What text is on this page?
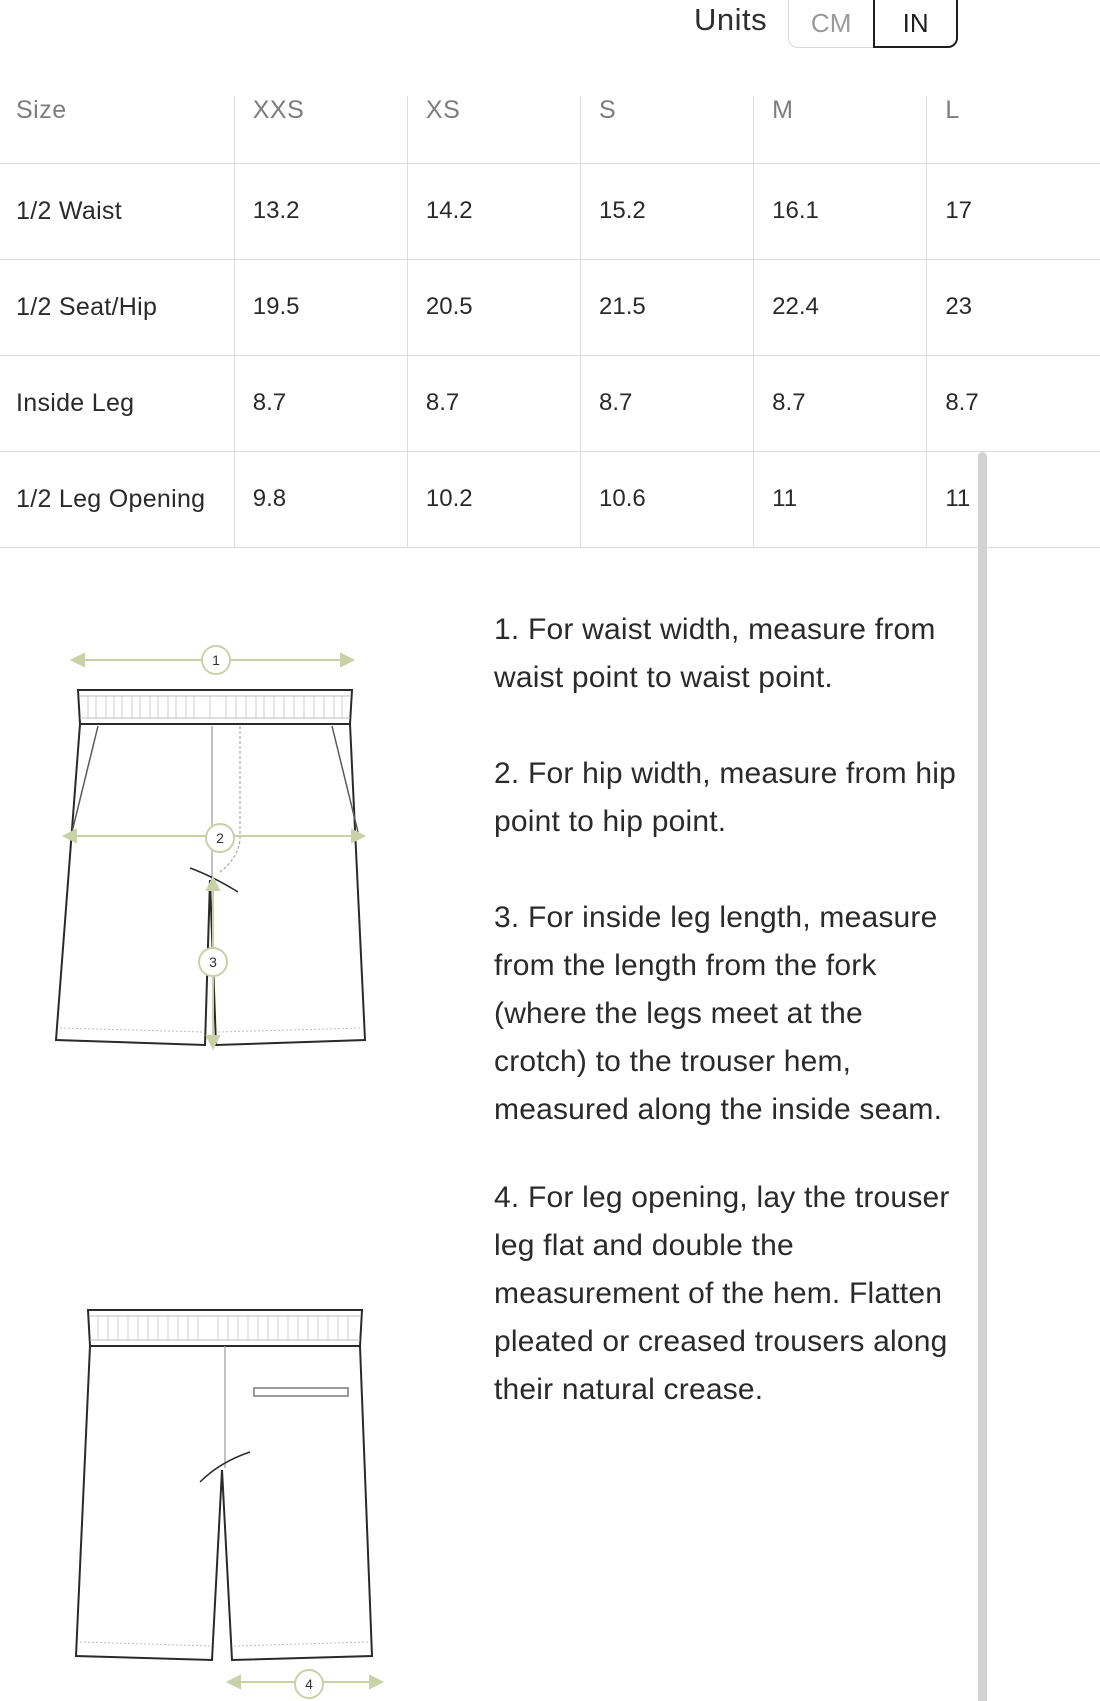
Units	CM	IN
Size	XXS	XS	S	M	L
1/2 Waist	13.2	14.2	15.2	16.1	17
1/2 Seat/Hip	19.5	20.5	21.5	22.4	23
Inside Leg	8.7	8.7	8.7	8.7	8.7
1/2 Leg Opening	9.8	10.2	10.6	11	11
1
2
3
4

1. For waist width, measure from waist point to waist point.

2. For hip width, measure from hip point to hip point.

3. For inside leg length, measure from the length from the fork (where the legs meet at the crotch) to the trouser hem, measured along the inside seam.

4. For leg opening, lay the trouser leg flat and double the measurement of the hem. Flatten pleated or creased trousers along their natural crease.
